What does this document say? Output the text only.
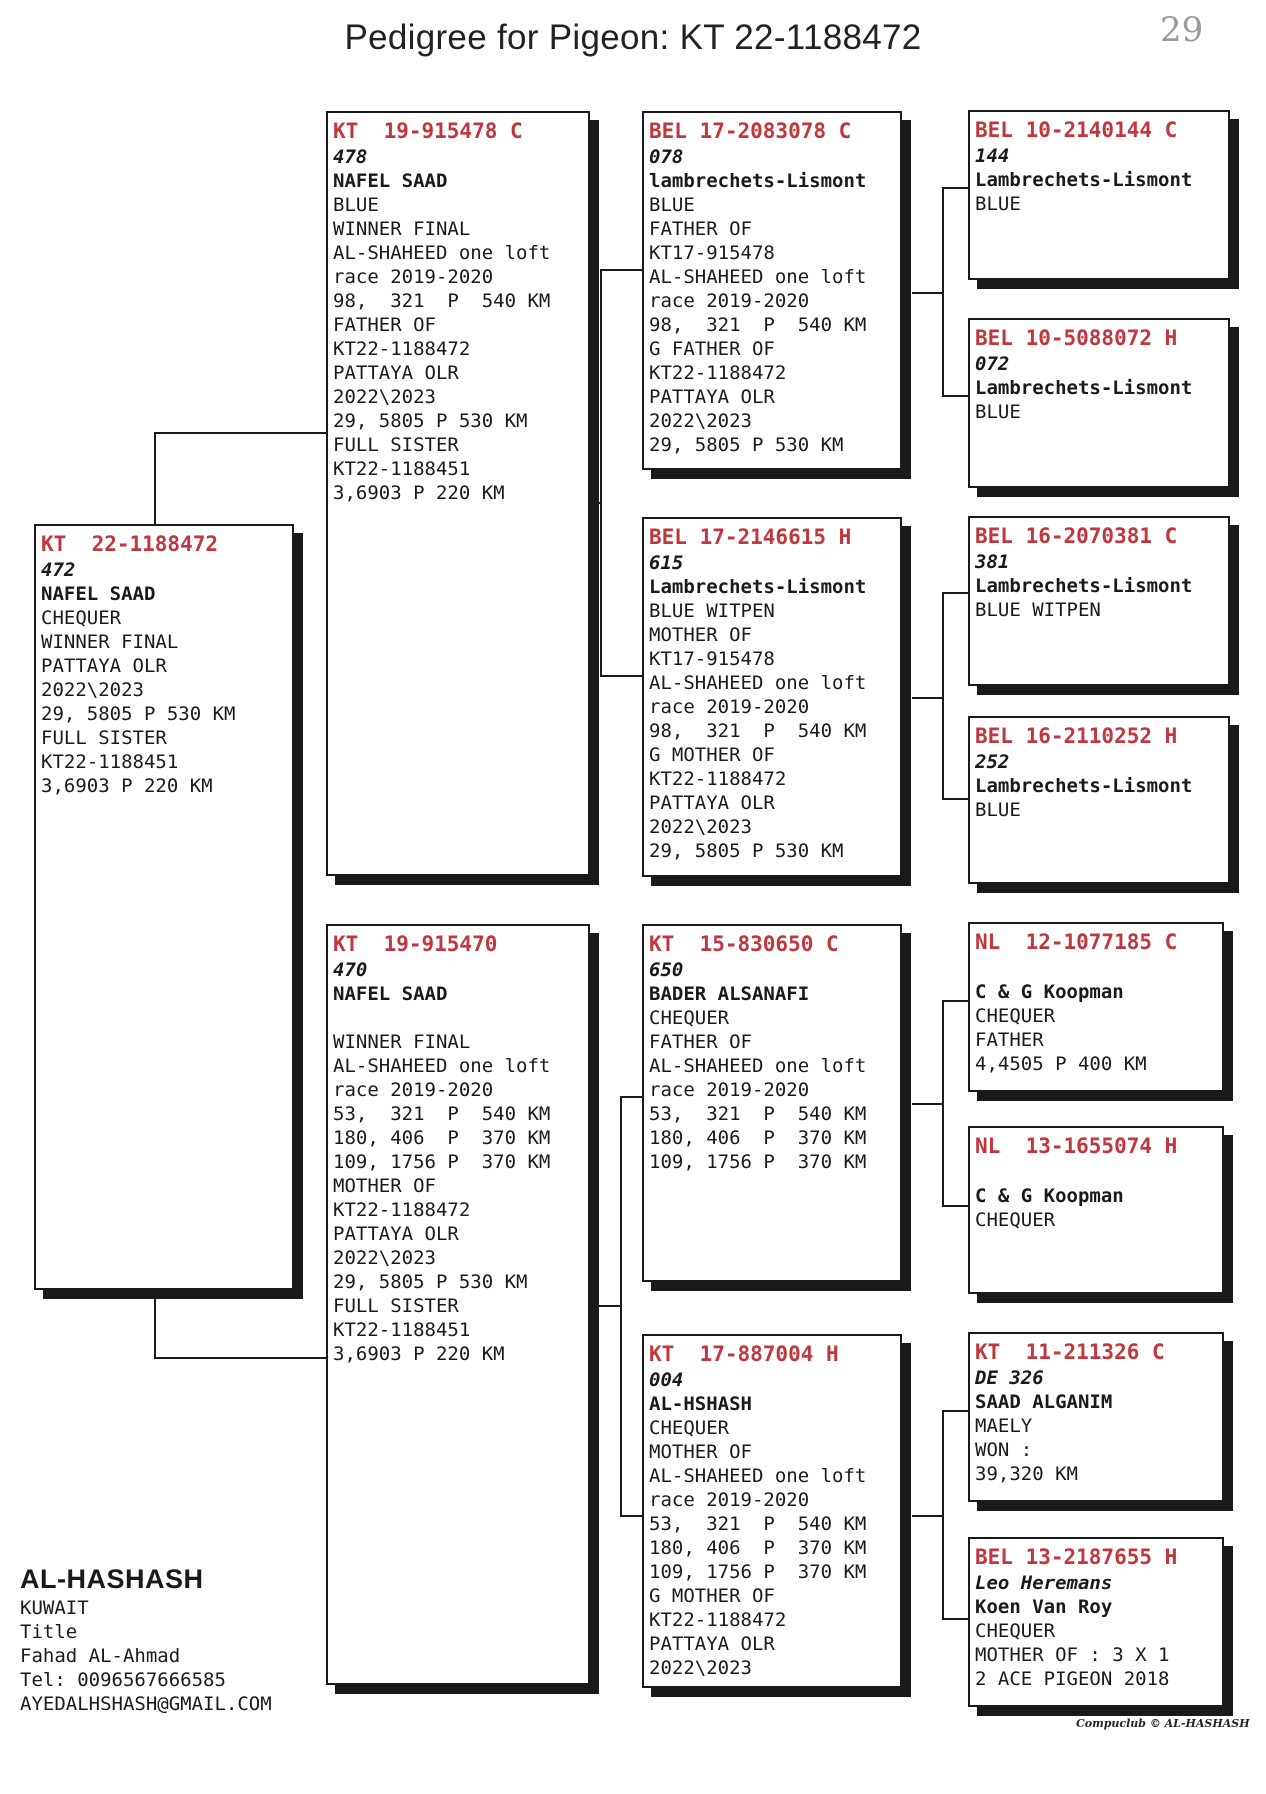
Pedigree for Pigeon: KT 22-1188472	29
KT  22-1188472
472
NAFEL SAAD
CHEQUER
WINNER FINAL
PATTAYA OLR
2022\2023
29, 5805 P 530 KM
FULL SISTER
KT22-1188451
3,6903 P 220 KM
KT  19-915478 C
478
NAFEL SAAD
BLUE
WINNER FINAL
AL-SHAHEED one loft
race 2019-2020
98,  321  P  540 KM
FATHER OF
KT22-1188472
PATTAYA OLR
2022\2023
29, 5805 P 530 KM
FULL SISTER
KT22-1188451
3,6903 P 220 KM
KT  19-915470
470
NAFEL SAAD
WINNER FINAL
AL-SHAHEED one loft
race 2019-2020
53,  321  P  540 KM
180, 406  P  370 KM
109, 1756 P  370 KM
MOTHER OF
KT22-1188472
PATTAYA OLR
2022\2023
29, 5805 P 530 KM
FULL SISTER
KT22-1188451
3,6903 P 220 KM
BEL 17-2083078 C
078
lambrechets-Lismont
BLUE
FATHER OF
KT17-915478
AL-SHAHEED one loft
race 2019-2020
98,  321  P  540 KM
G FATHER OF
KT22-1188472
PATTAYA OLR
2022\2023
29, 5805 P 530 KM
BEL 17-2146615 H
615
Lambrechets-Lismont
BLUE WITPEN
MOTHER OF
KT17-915478
AL-SHAHEED one loft
race 2019-2020
98,  321  P  540 KM
G MOTHER OF
KT22-1188472
PATTAYA OLR
2022\2023
29, 5805 P 530 KM
KT  15-830650 C
650
BADER ALSANAFI
CHEQUER
FATHER OF
AL-SHAHEED one loft
race 2019-2020
53,  321  P  540 KM
180, 406  P  370 KM
109, 1756 P  370 KM
KT  17-887004 H
004
AL-HSHASH
CHEQUER
MOTHER OF
AL-SHAHEED one loft
race 2019-2020
53,  321  P  540 KM
180, 406  P  370 KM
109, 1756 P  370 KM
G MOTHER OF
KT22-1188472
PATTAYA OLR
2022\2023
BEL 10-2140144 C
144
Lambrechets-Lismont
BLUE
BEL 10-5088072 H
072
Lambrechets-Lismont
BLUE
BEL 16-2070381 C
381
Lambrechets-Lismont
BLUE WITPEN
BEL 16-2110252 H
252
Lambrechets-Lismont
BLUE
NL  12-1077185 C
C & G Koopman
CHEQUER
FATHER
4,4505 P 400 KM
NL  13-1655074 H
C & G Koopman
CHEQUER
KT  11-211326 C
DE 326
SAAD ALGANIM
MAELY
WON :
39,320 KM
BEL 13-2187655 H
Leo Heremans
Koen Van Roy
CHEQUER
MOTHER OF : 3 X 1
2 ACE PIGEON 2018
AL-HASHASH
KUWAIT
Title
Fahad AL-Ahmad
Tel: 0096567666585
AYEDALHSHASH@GMAIL.COM
Compuclub © AL-HASHASH
